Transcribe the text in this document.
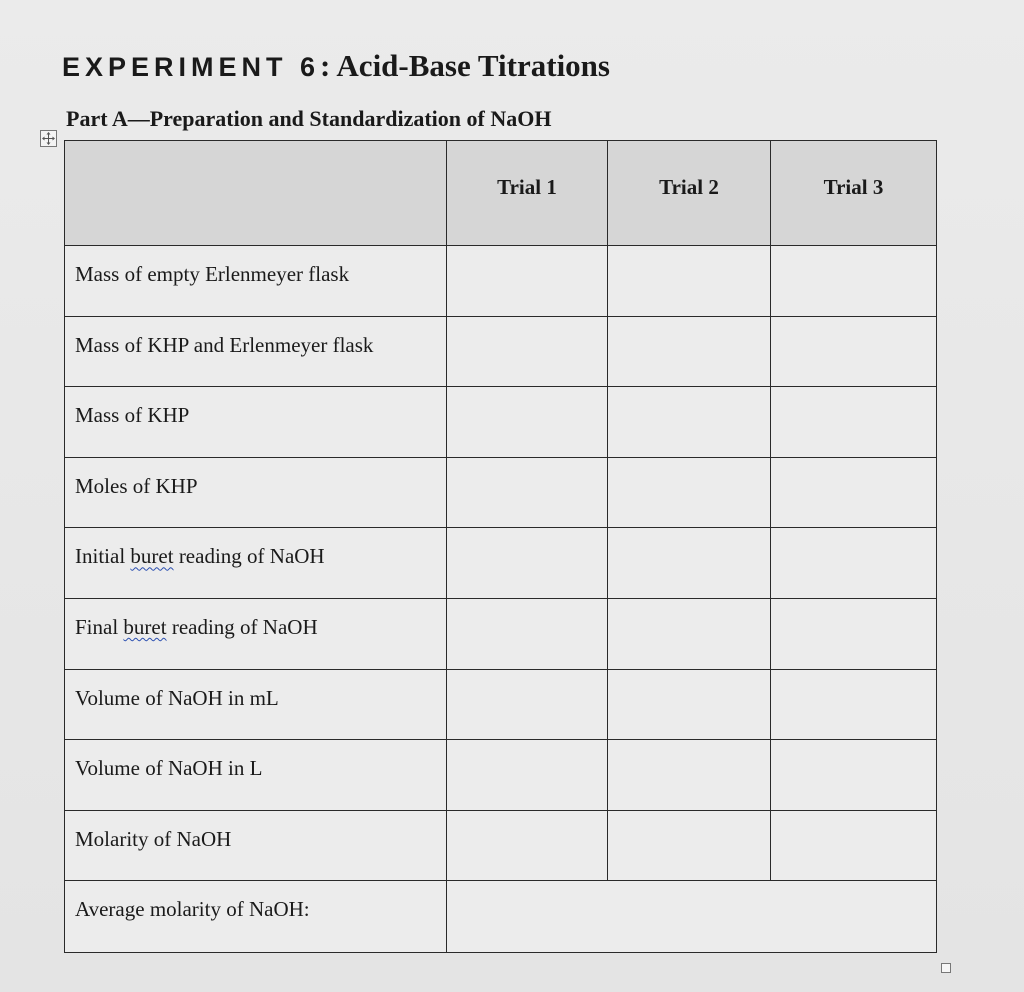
EXPERIMENT 6: Acid-Base Titrations
Part A—Preparation and Standardization of NaOH
	Trial 1	Trial 2	Trial 3
Mass of empty Erlenmeyer flask			
Mass of KHP and Erlenmeyer flask			
Mass of KHP			
Moles of KHP			
Initial buret reading of NaOH			
Final buret reading of NaOH			
Volume of NaOH in mL			
Volume of NaOH in L			
Molarity of NaOH			
Average molarity of NaOH:			
